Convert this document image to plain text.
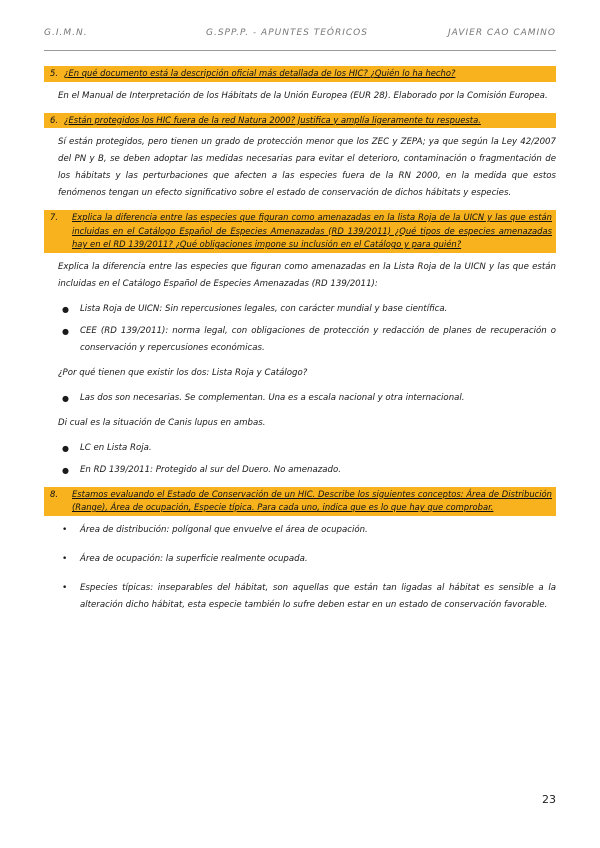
G.I.M.N.	G.SPP.P. - APUNTES TEÓRICOS	JAVIER CAO CAMINO
5. ¿En qué documento está la descripción oficial más detallada de los HIC? ¿Quién lo ha hecho?

En el Manual de Interpretación de los Hábitats de la Unión Europea (EUR 28). Elaborado por la Comisión Europea.

6. ¿Están protegidos los HIC fuera de la red Natura 2000? Justifica y amplía ligeramente tu respuesta.

Sí están protegidos, pero tienen un grado de protección menor que los ZEC y ZEPA; ya que según la Ley 42/2007 del PN y B, se deben adoptar las medidas necesarias para evitar el deterioro, contaminación o fragmentación de los hábitats y las perturbaciones que afecten a las especies fuera de la RN 2000, en la medida que estos fenómenos tengan un efecto significativo sobre el estado de conservación de dichos hábitats y especies.

7.	Explica la diferencia entre las especies que figuran como amenazadas en la lista Roja de la UICN y las que están incluidas en el Catálogo Español de Especies Amenazadas (RD 139/2011) ¿Qué tipos de especies amenazadas hay en el RD 139/2011? ¿Qué obligaciones impone su inclusión en el Catálogo y para quién?

Explica la diferencia entre las especies que figuran como amenazadas en la Lista Roja de la UICN y las que están incluidas en el Catálogo Español de Especies Amenazadas (RD 139/2011):

● Lista Roja de UICN: Sin repercusiones legales, con carácter mundial y base científica.
● CEE (RD 139/2011): norma legal, con obligaciones de protección y redacción de planes de recuperación o conservación y repercusiones económicas.

¿Por qué tienen que existir los dos: Lista Roja y Catálogo?

● Las dos son necesarias. Se complementan. Una es a escala nacional y otra internacional.

Di cual es la situación de Canis lupus en ambas.

● LC en Lista Roja.
● En RD 139/2011: Protegido al sur del Duero. No amenazado.
8.	Estamos evaluando el Estado de Conservación de un HIC. Describe los siguientes conceptos: Área de Distribución (Range), Área de ocupación, Especie típica. Para cada uno, indica que es lo que hay que comprobar.
• Área de distribución: polígonal que envuelve el área de ocupación.
• Área de ocupación: la superficie realmente ocupada.
• Especies típicas: inseparables del hábitat, son aquellas que están tan ligadas al hábitat es sensible a la alteración dicho hábitat, esta especie también lo sufre deben estar en un estado de conservación favorable.
23
